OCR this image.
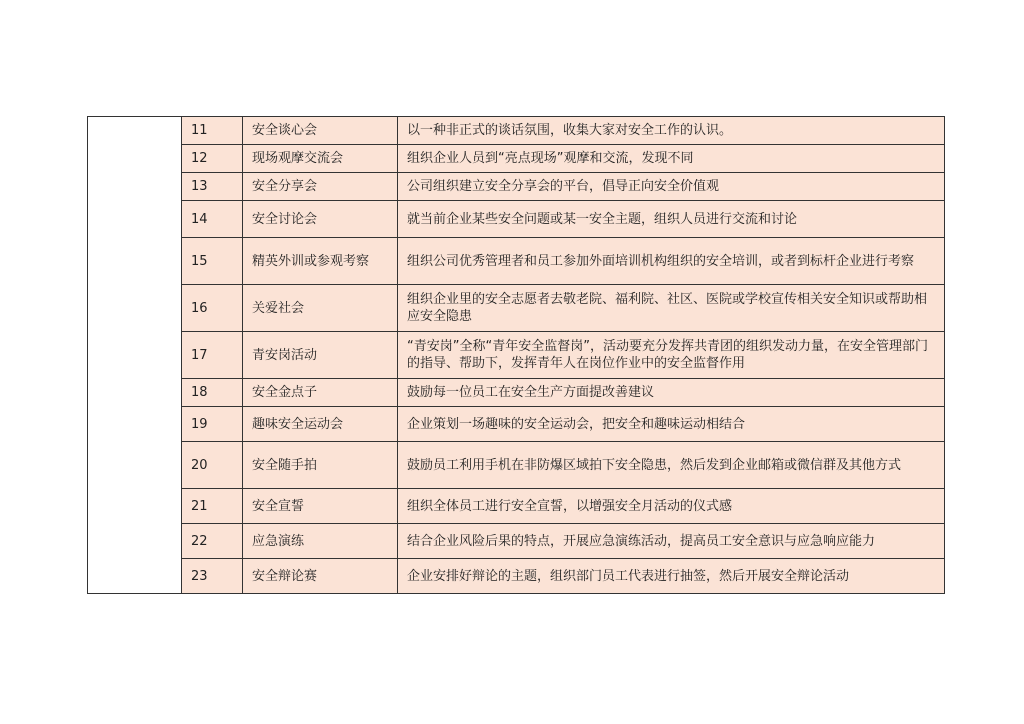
	11	安全谈心会	以一种非正式的谈话氛围，收集大家对安全工作的认识。
	12	现场观摩交流会	组织企业人员到“亮点现场”观摩和交流，发现不同
	13	安全分享会	公司组织建立安全分享会的平台，倡导正向安全价值观
	14	安全讨论会	就当前企业某些安全问题或某一安全主题，组织人员进行交流和讨论
	15	精英外训或参观考察	组织公司优秀管理者和员工参加外面培训机构组织的安全培训，或者到标杆企业进行考察
	16	关爱社会	组织企业里的安全志愿者去敬老院、福利院、社区、医院或学校宣传相关安全知识或帮助相应安全隐患
	17	青安岗活动	“青安岗”全称“青年安全监督岗”，活动要充分发挥共青团的组织发动力量，在安全管理部门的指导、帮助下，发挥青年人在岗位作业中的安全监督作用
	18	安全金点子	鼓励每一位员工在安全生产方面提改善建议
	19	趣味安全运动会	企业策划一场趣味的安全运动会，把安全和趣味运动相结合
	20	安全随手拍	鼓励员工利用手机在非防爆区域拍下安全隐患，然后发到企业邮箱或微信群及其他方式
	21	安全宣誓	组织全体员工进行安全宣誓，以增强安全月活动的仪式感
	22	应急演练	结合企业风险后果的特点，开展应急演练活动，提高员工安全意识与应急响应能力
	23	安全辩论赛	企业安排好辩论的主题，组织部门员工代表进行抽签，然后开展安全辩论活动
